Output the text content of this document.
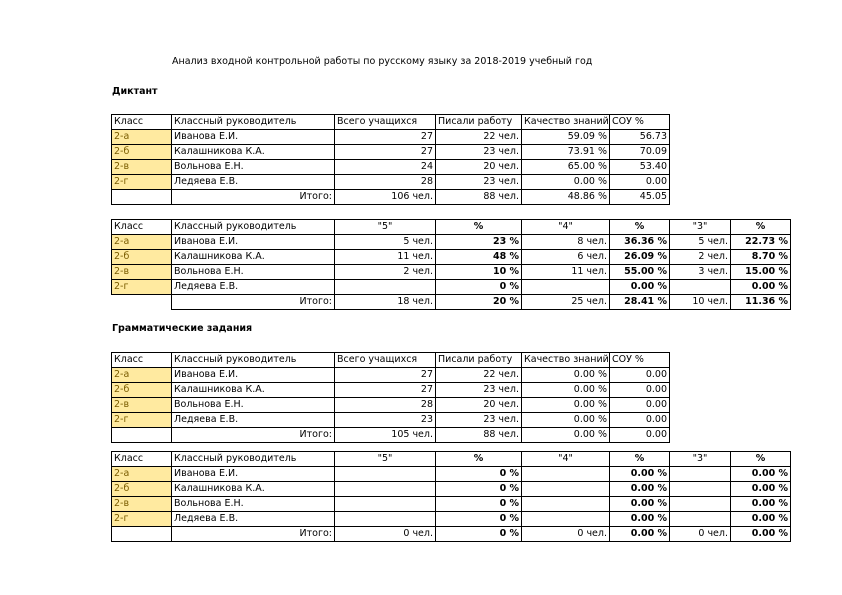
Анализ входной контрольной работы по русскому языку за 2018-2019 учебный год
Диктант
Класс	Классный руководитель	Всего учащихся	Писали работу	Качество знаний	СОУ %
2-а	Иванова Е.И.	27	22 чел.	59.09 %	56.73
2-б	Калашникова К.А.	27	23 чел.	73.91 %	70.09
2-в	Вольнова Е.Н.	24	20 чел.	65.00 %	53.40
2-г	Ледяева Е.В.	28	23 чел.	0.00 %	0.00
	Итого:	106 чел.	88 чел.	48.86 %	45.05
Класс	Классный руководитель	"5"	%	"4"	%	"3"	%
2-а	Иванова Е.И.	5 чел.	23 %	8 чел.	36.36 %	5 чел.	22.73 %
2-б	Калашникова К.А.	11 чел.	48 %	6 чел.	26.09 %	2 чел.	8.70 %
2-в	Вольнова Е.Н.	2 чел.	10 %	11 чел.	55.00 %	3 чел.	15.00 %
2-г	Ледяева Е.В.		0 %		0.00 %		0.00 %
	Итого:	18 чел.	20 %	25 чел.	28.41 %	10 чел.	11.36 %
Грамматические задания
Класс	Классный руководитель	Всего учащихся	Писали работу	Качество знаний	СОУ %
2-а	Иванова Е.И.	27	22 чел.	0.00 %	0.00
2-б	Калашникова К.А.	27	23 чел.	0.00 %	0.00
2-в	Вольнова Е.Н.	28	20 чел.	0.00 %	0.00
2-г	Ледяева Е.В.	23	23 чел.	0.00 %	0.00
	Итого:	105 чел.	88 чел.	0.00 %	0.00
Класс	Классный руководитель	"5"	%	"4"	%	"3"	%
2-а	Иванова Е.И.		0 %		0.00 %		0.00 %
2-б	Калашникова К.А.		0 %		0.00 %		0.00 %
2-в	Вольнова Е.Н.		0 %		0.00 %		0.00 %
2-г	Ледяева Е.В.		0 %		0.00 %		0.00 %
	Итого:	0 чел.	0 %	0 чел.	0.00 %	0 чел.	0.00 %
